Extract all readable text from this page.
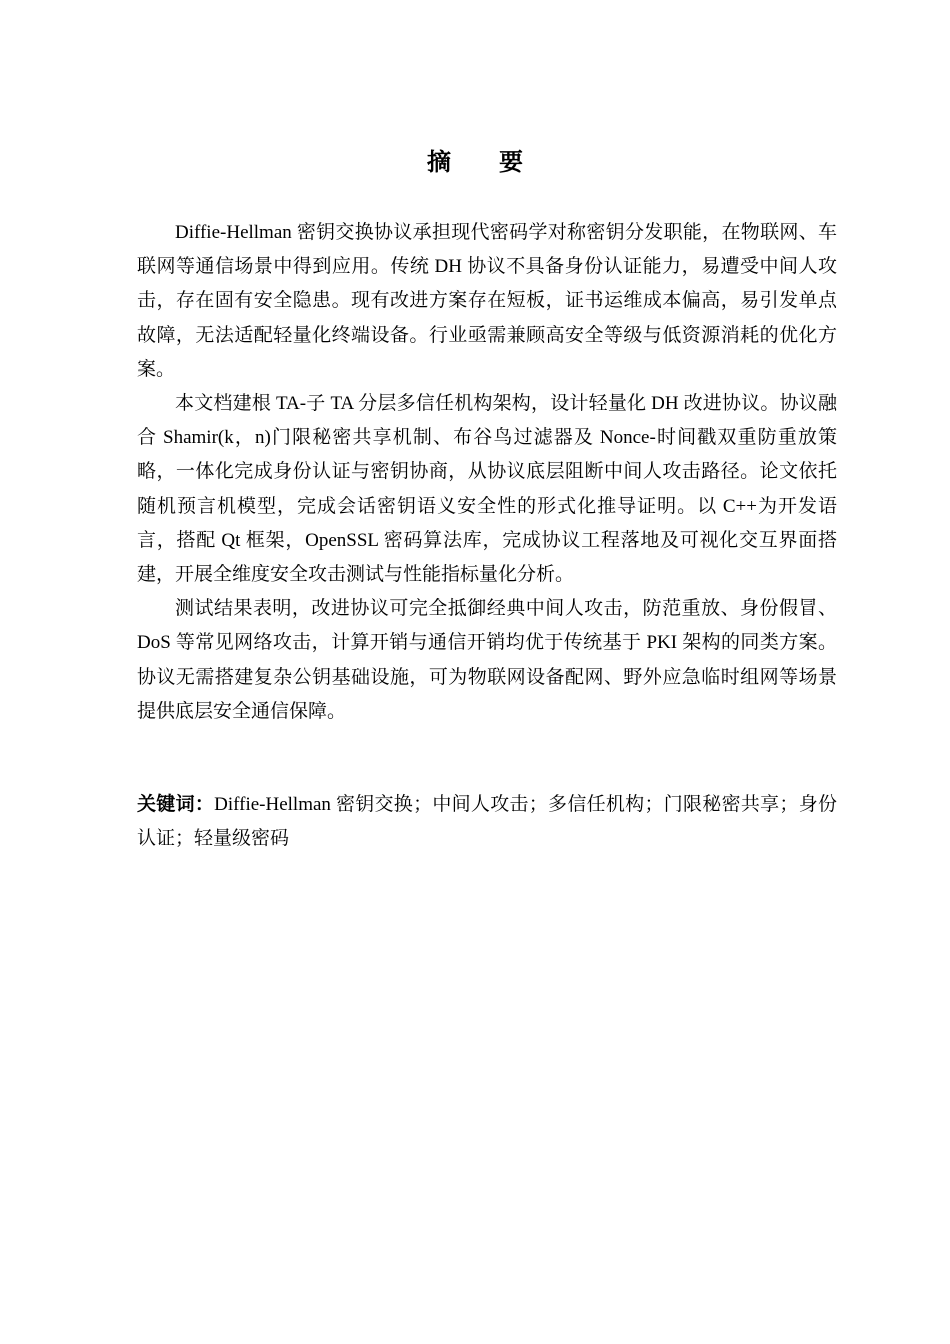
摘 要

Diffie-Hellman 密钥交换协议承担现代密码学对称密钥分发职能，在物联网、车联网等通信场景中得到应用。传统 DH 协议不具备身份认证能力，易遭受中间人攻击，存在固有安全隐患。现有改进方案存在短板，证书运维成本偏高，易引发单点故障，无法适配轻量化终端设备。行业亟需兼顾高安全等级与低资源消耗的优化方案。

本文档建根 TA-子 TA 分层多信任机构架构，设计轻量化 DH 改进协议。协议融合 Shamir(k，n)门限秘密共享机制、布谷鸟过滤器及 Nonce-时间戳双重防重放策略，一体化完成身份认证与密钥协商，从协议底层阻断中间人攻击路径。论文依托随机预言机模型，完成会话密钥语义安全性的形式化推导证明。以 C++为开发语言，搭配 Qt 框架，OpenSSL 密码算法库，完成协议工程落地及可视化交互界面搭建，开展全维度安全攻击测试与性能指标量化分析。

测试结果表明，改进协议可完全抵御经典中间人攻击，防范重放、身份假冒、DoS 等常见网络攻击，计算开销与通信开销均优于传统基于 PKI 架构的同类方案。协议无需搭建复杂公钥基础设施，可为物联网设备配网、野外应急临时组网等场景提供底层安全通信保障。

关键词：Diffie-Hellman 密钥交换；中间人攻击；多信任机构；门限秘密共享；身份认证；轻量级密码
